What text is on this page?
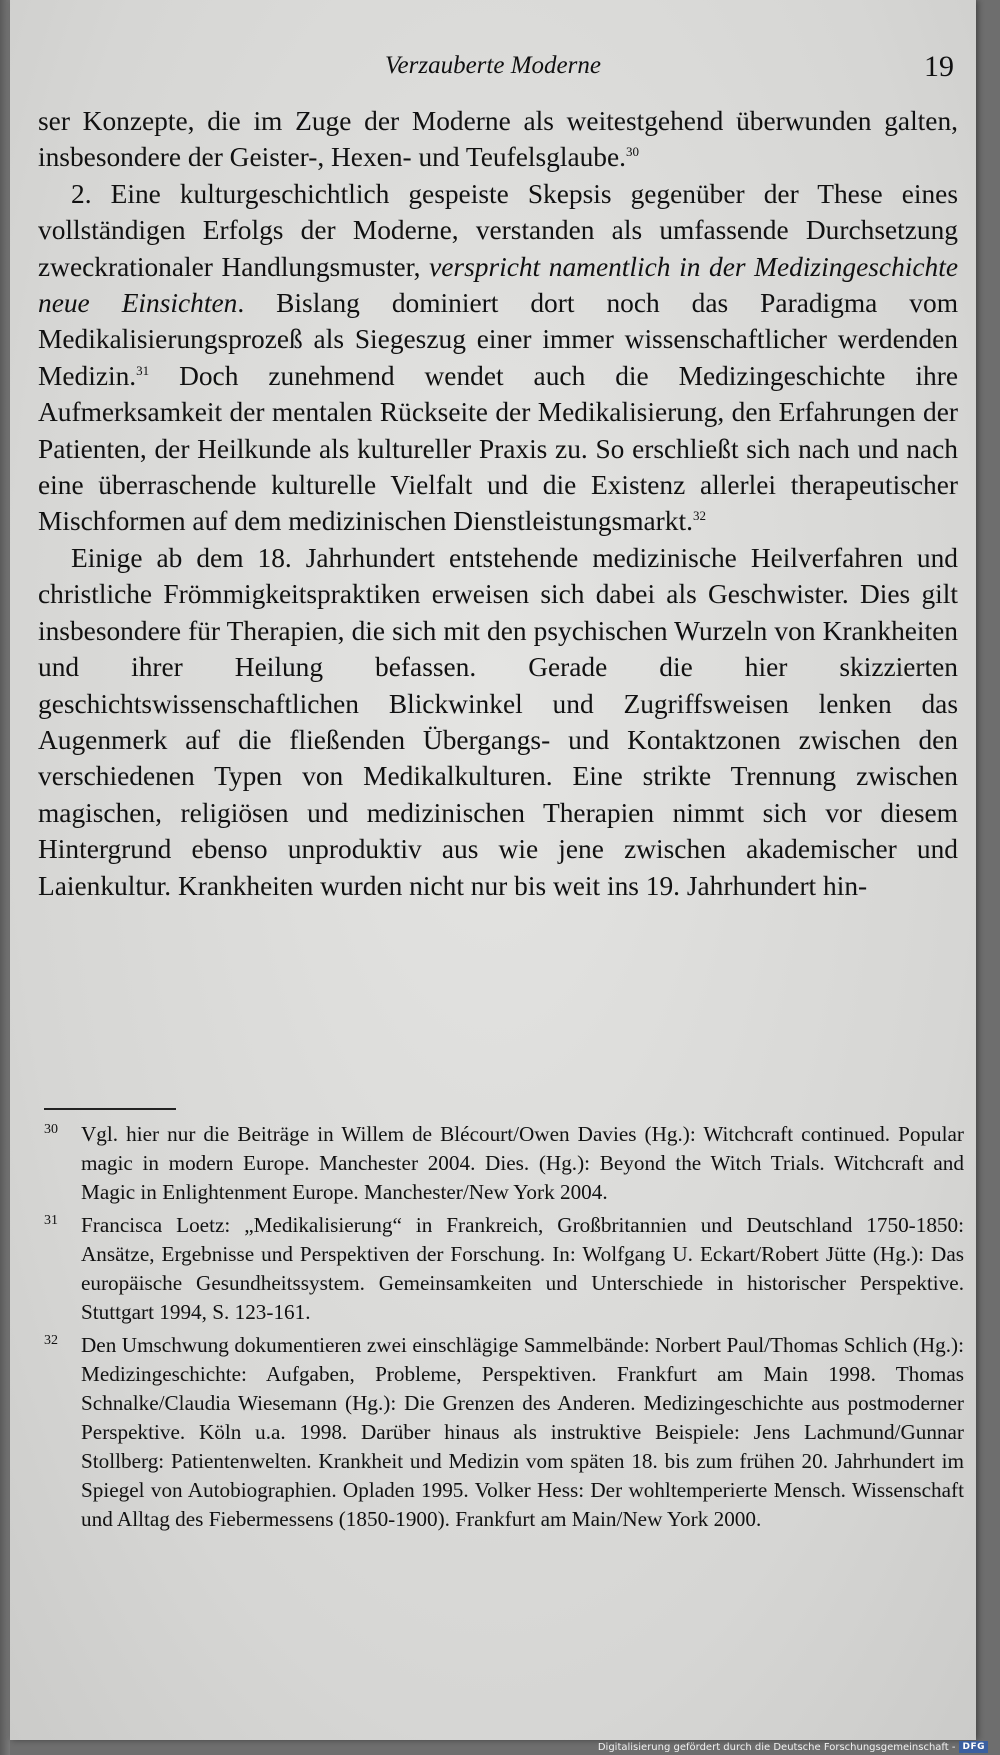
Verzauberte Moderne	19

ser Konzepte, die im Zuge der Moderne als weitestgehend überwunden galten, insbesondere der Geister-, Hexen- und Teufelsglaube.$^{30}$

2. Eine kulturgeschichtlich gespeiste Skepsis gegenüber der These eines vollständigen Erfolgs der Moderne, verstanden als umfassende Durchsetzung zweckrationaler Handlungsmuster, verspricht namentlich in der Medizingeschichte neue Einsichten. Bislang dominiert dort noch das Paradigma vom Medikalisierungsprozeß als Siegeszug einer immer wissenschaftlicher werdenden Medizin.$^{31}$ Doch zunehmend wendet auch die Medizingeschichte ihre Aufmerksamkeit der mentalen Rückseite der Medikalisierung, den Erfahrungen der Patienten, der Heilkunde als kultureller Praxis zu. So erschließt sich nach und nach eine überraschende kulturelle Vielfalt und die Existenz allerlei therapeutischer Mischformen auf dem medizinischen Dienstleistungsmarkt.$^{32}$

Einige ab dem 18. Jahrhundert entstehende medizinische Heilverfahren und christliche Frömmigkeitspraktiken erweisen sich dabei als Geschwister. Dies gilt insbesondere für Therapien, die sich mit den psychischen Wurzeln von Krankheiten und ihrer Heilung befassen. Gerade die hier skizzierten geschichtswissenschaftlichen Blickwinkel und Zugriffsweisen lenken das Augenmerk auf die fließenden Übergangs- und Kontaktzonen zwischen den verschiedenen Typen von Medikalkulturen. Eine strikte Trennung zwischen magischen, religiösen und medizinischen Therapien nimmt sich vor diesem Hintergrund ebenso unproduktiv aus wie jene zwischen akademischer und Laienkultur. Krankheiten wurden nicht nur bis weit ins 19. Jahrhundert hin-

30 Vgl. hier nur die Beiträge in Willem de Blécourt/Owen Davies (Hg.): Witchcraft continued. Popular magic in modern Europe. Manchester 2004. Dies. (Hg.): Beyond the Witch Trials. Witchcraft and Magic in Enlightenment Europe. Manchester/New York 2004.
31 Francisca Loetz: „Medikalisierung“ in Frankreich, Großbritannien und Deutschland 1750-1850: Ansätze, Ergebnisse und Perspektiven der Forschung. In: Wolfgang U. Eckart/Robert Jütte (Hg.): Das europäische Gesundheitssystem. Gemeinsamkeiten und Unterschiede in historischer Perspektive. Stuttgart 1994, S. 123-161.
32 Den Umschwung dokumentieren zwei einschlägige Sammelbände: Norbert Paul/Thomas Schlich (Hg.): Medizingeschichte: Aufgaben, Probleme, Perspektiven. Frankfurt am Main 1998. Thomas Schnalke/Claudia Wiesemann (Hg.): Die Grenzen des Anderen. Medizingeschichte aus postmoderner Perspektive. Köln u.a. 1998. Darüber hinaus als instruktive Beispiele: Jens Lachmund/Gunnar Stollberg: Patientenwelten. Krankheit und Medizin vom späten 18. bis zum frühen 20. Jahrhundert im Spiegel von Autobiographien. Opladen 1995. Volker Hess: Der wohltemperierte Mensch. Wissenschaft und Alltag des Fiebermessens (1850-1900). Frankfurt am Main/New York 2000.
Digitalisierung gefördert durch die Deutsche Forschungsgemeinschaft - DFG
